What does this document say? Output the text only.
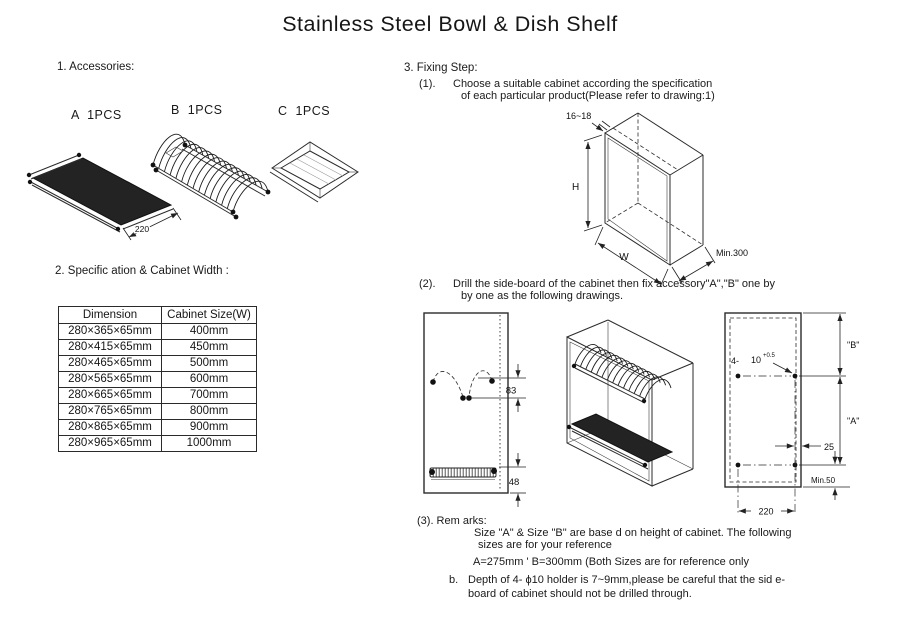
Stainless Steel Bowl & Dish Shelf
1. Accessories:
A  1PCS	B  1PCS	C  1PCS
220
2. Specific ation & Cabinet Width :
Dimension	Cabinet Size(W)
280×365×65mm	400mm
280×415×65mm	450mm
280×465×65mm	500mm
280×565×65mm	600mm
280×665×65mm	700mm
280×765×65mm	800mm
280×865×65mm	900mm
280×965×65mm	1000mm
3. Fixing Step:
(1). Choose a suitable cabinet according the specification
of each particular product(Please refer to drawing:1)
16~18
H
W	Min.300
(2). Drill the side-board of the cabinet then fix accessory"A","B" one by
by one as the following drawings.
83
48
4- 10 +0.5
"B"
"A"
25
Min.50
220
(3). Rem arks:
Size "A" & Size "B" are base d on height of cabinet. The following
sizes are for your reference
A=275mm ' B=300mm (Both Sizes are for reference only
b. Depth of 4- ϕ10 holder is 7~9mm,please be careful that the sid e-
board of cabinet should not be drilled through.
